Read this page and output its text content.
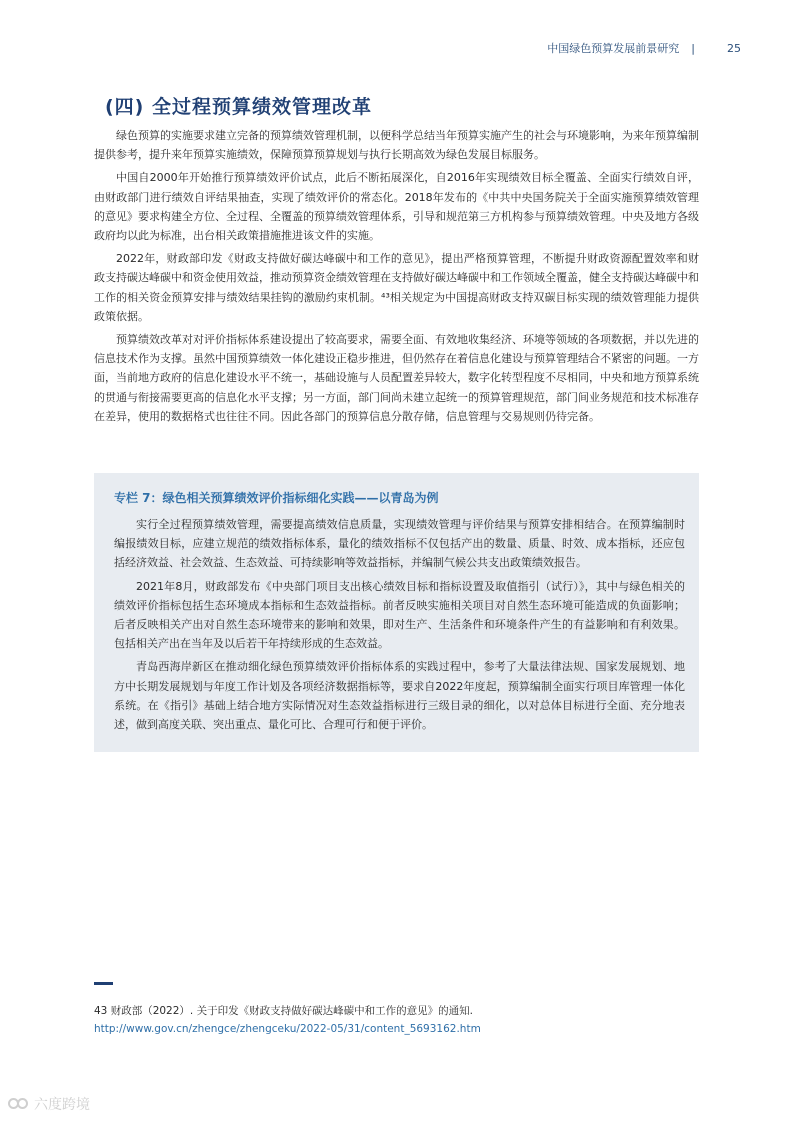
中国绿色预算发展前景研究 |	25
(四) 全过程预算绩效管理改革

绿色预算的实施要求建立完备的预算绩效管理机制，以便科学总结当年预算实施产生的社会与环境影响，为来年预算编制提供参考，提升来年预算实施绩效，保障预算预算规划与执行长期高效为绿色发展目标服务。

中国自2000年开始推行预算绩效评价试点，此后不断拓展深化，自2016年实现绩效目标全覆盖、全面实行绩效自评，由财政部门进行绩效自评结果抽查，实现了绩效评价的常态化。2018年发布的《中共中央国务院关于全面实施预算绩效管理的意见》要求构建全方位、全过程、全覆盖的预算绩效管理体系，引导和规范第三方机构参与预算绩效管理。中央及地方各级政府均以此为标准，出台相关政策措施推进该文件的实施。

2022年，财政部印发《财政支持做好碳达峰碳中和工作的意见》，提出严格预算管理，不断提升财政资源配置效率和财政支持碳达峰碳中和资金使用效益，推动预算资金绩效管理在支持做好碳达峰碳中和工作领域全覆盖，健全支持碳达峰碳中和工作的相关资金预算安排与绩效结果挂钩的激励约束机制。⁴³相关规定为中国提高财政支持双碳目标实现的绩效管理能力提供政策依据。

预算绩效改革对对评价指标体系建设提出了较高要求，需要全面、有效地收集经济、环境等领域的各项数据，并以先进的信息技术作为支撑。虽然中国预算绩效一体化建设正稳步推进，但仍然存在着信息化建设与预算管理结合不紧密的问题。一方面，当前地方政府的信息化建设水平不统一，基础设施与人员配置差异较大，数字化转型程度不尽相同，中央和地方预算系统的贯通与衔接需要更高的信息化水平支撑；另一方面，部门间尚未建立起统一的预算管理规范，部门间业务规范和技术标准存在差异，使用的数据格式也往往不同。因此各部门的预算信息分散存储，信息管理与交易规则仍待完备。

专栏 7：绿色相关预算绩效评价指标细化实践——以青岛为例

实行全过程预算绩效管理，需要提高绩效信息质量，实现绩效管理与评价结果与预算安排相结合。在预算编制时编报绩效目标，应建立规范的绩效指标体系，量化的绩效指标不仅包括产出的数量、质量、时效、成本指标，还应包括经济效益、社会效益、生态效益、可持续影响等效益指标，并编制气候公共支出政策绩效报告。

2021年8月，财政部发布《中央部门项目支出核心绩效目标和指标设置及取值指引（试行）》，其中与绿色相关的绩效评价指标包括生态环境成本指标和生态效益指标。前者反映实施相关项目对自然生态环境可能造成的负面影响；后者反映相关产出对自然生态环境带来的影响和效果，即对生产、生活条件和环境条件产生的有益影响和有利效果。包括相关产出在当年及以后若干年持续形成的生态效益。

青岛西海岸新区在推动细化绿色预算绩效评价指标体系的实践过程中，参考了大量法律法规、国家发展规划、地方中长期发展规划与年度工作计划及各项经济数据指标等，要求自2022年度起，预算编制全面实行项目库管理一体化系统。在《指引》基础上结合地方实际情况对生态效益指标进行三级目录的细化，以对总体目标进行全面、充分地表述，做到高度关联、突出重点、量化可比、合理可行和便于评价。

43 财政部（2022）. 关于印发《财政支持做好碳达峰碳中和工作的意见》的通知. http://www.gov.cn/zhengce/zhengceku/2022-05/31/content_5693162.htm
六度跨境
